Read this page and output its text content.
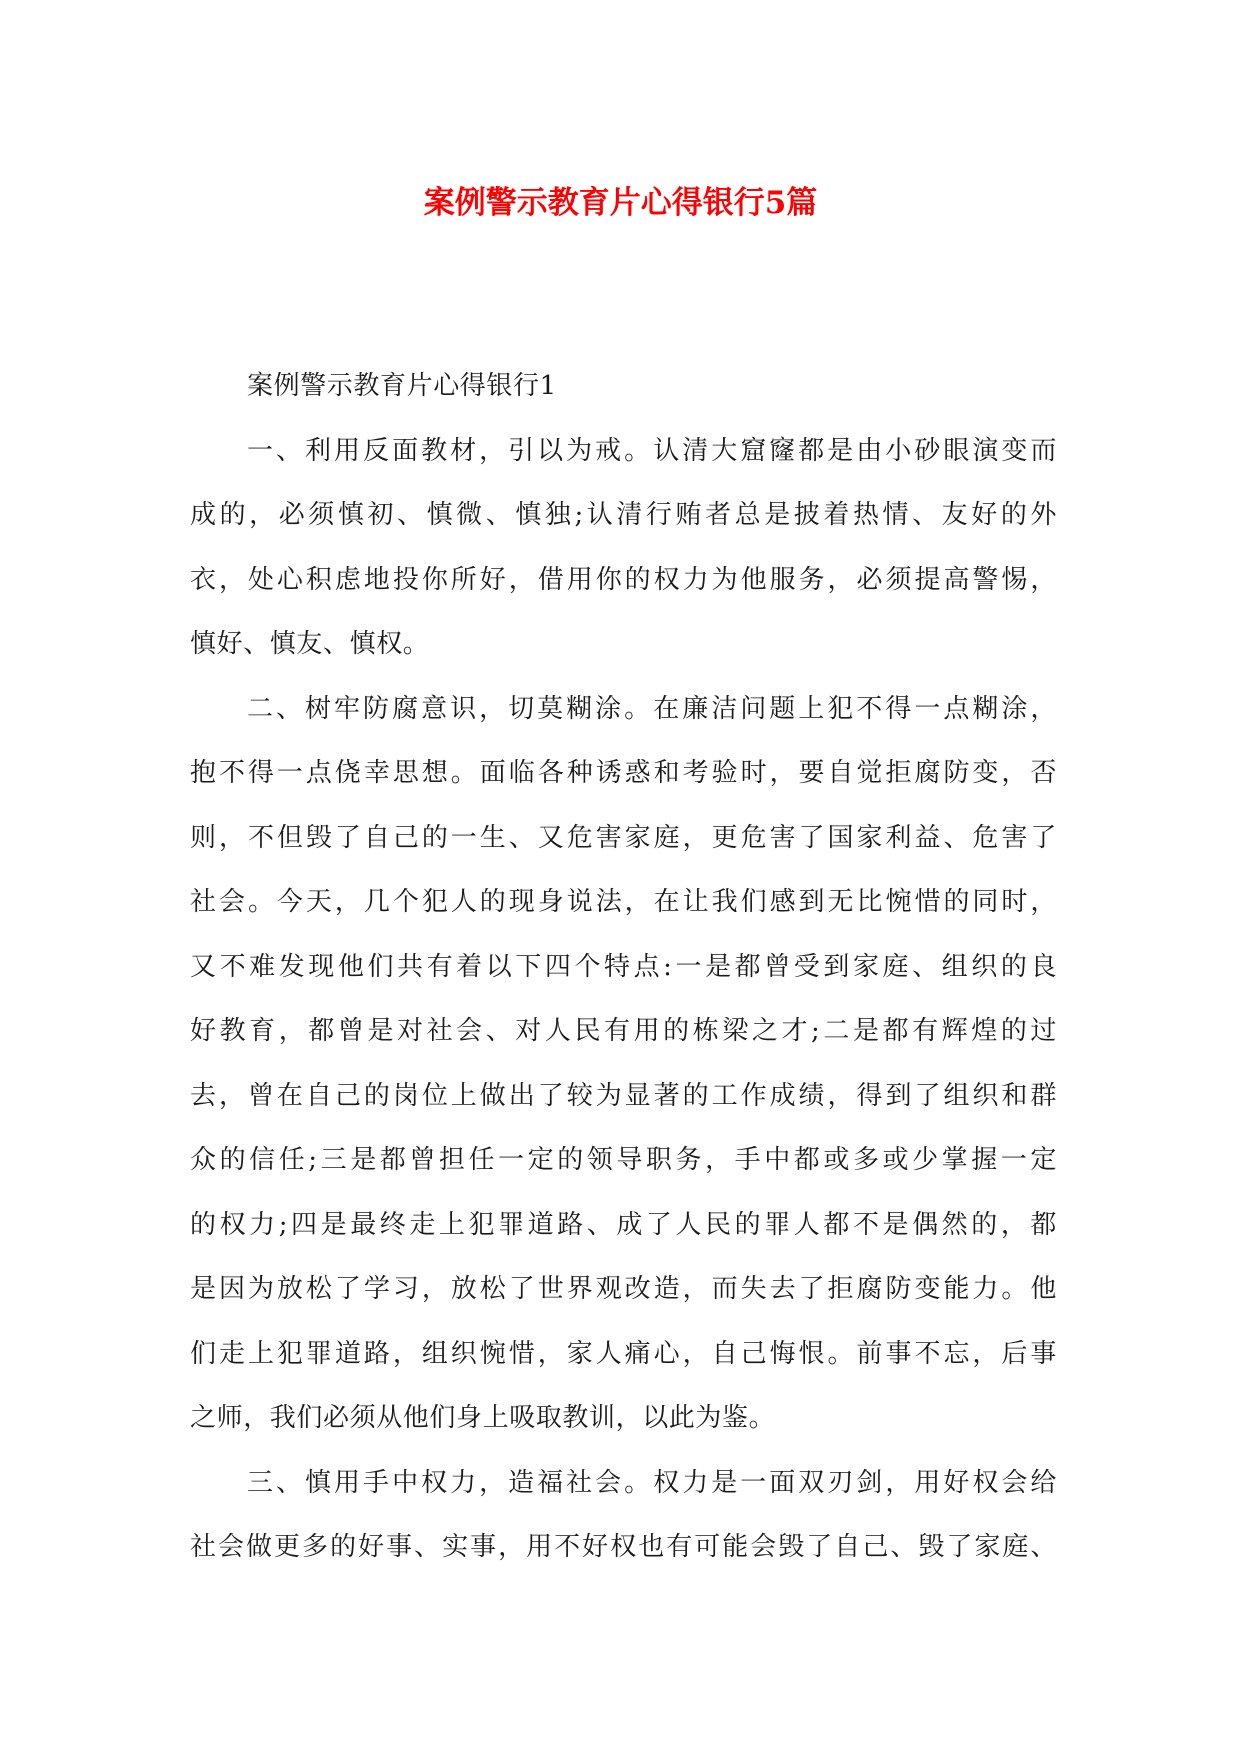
案例警示教育片心得银行5篇

案例警示教育片心得银行1

一、利用反面教材，引以为戒。认清大窟窿都是由小砂眼演变而
成的，必须慎初、慎微、慎独;认清行贿者总是披着热情、友好的外
衣，处心积虑地投你所好，借用你的权力为他服务，必须提高警惕，
慎好、慎友、慎权。

二、树牢防腐意识，切莫糊涂。在廉洁问题上犯不得一点糊涂，
抱不得一点侥幸思想。面临各种诱惑和考验时，要自觉拒腐防变，否
则，不但毁了自己的一生、又危害家庭，更危害了国家利益、危害了
社会。今天，几个犯人的现身说法，在让我们感到无比惋惜的同时，
又不难发现他们共有着以下四个特点:一是都曾受到家庭、组织的良
好教育，都曾是对社会、对人民有用的栋梁之才;二是都有辉煌的过
去，曾在自己的岗位上做出了较为显著的工作成绩，得到了组织和群
众的信任;三是都曾担任一定的领导职务，手中都或多或少掌握一定
的权力;四是最终走上犯罪道路、成了人民的罪人都不是偶然的，都
是因为放松了学习，放松了世界观改造，而失去了拒腐防变能力。他
们走上犯罪道路，组织惋惜，家人痛心，自己悔恨。前事不忘，后事
之师，我们必须从他们身上吸取教训，以此为鉴。

三、慎用手中权力，造福社会。权力是一面双刃剑，用好权会给
社会做更多的好事、实事，用不好权也有可能会毁了自己、毁了家庭、
